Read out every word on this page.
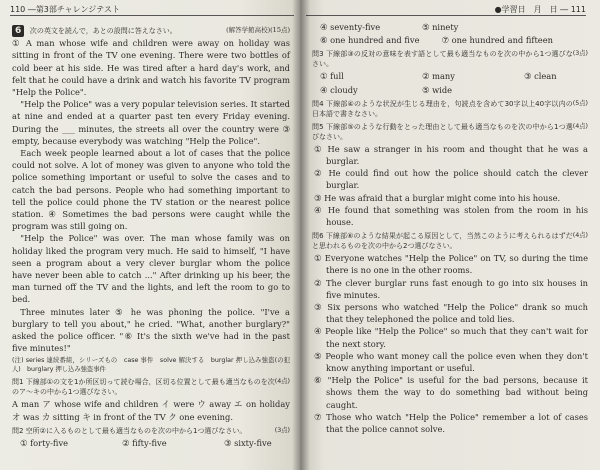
110 ―第3部チャレンジテスト
6 次の英文を読んで，あとの設問に答えなさい。	(解答学館高校)(15点)

① A man whose wife and children were away on holiday was sitting in front of the TV one evening. There were two bottles of cold beer at his side. He was tired after a hard day's work, and felt that he could have a drink and watch his favorite TV program "Help the Police".

"Help the Police" was a very popular television series. It started at nine and ended at a quarter past ten every Friday evening. During the ___ minutes, the streets all over the country were ③ empty, because everybody was watching "Help the Police".

Each week people learned about a lot of cases that the police could not solve. A lot of money was given to anyone who told the police something important or useful to solve the cases and to catch the bad persons. People who had something important to tell the police could phone the TV station or the nearest police station. ④ Sometimes the bad persons were caught while the program was still going on.

"Help the Police" was over. The man whose family was on holiday liked the program very much. He said to himself, "I have seen a program about a very clever burglar whom the police have never been able to catch ..." After drinking up his beer, the man turned off the TV and the lights, and left the room to go to bed.

Three minutes later ⑤ he was phoning the police. "I've a burglary to tell you about," he cried. "What, another burglary?" asked the police officer. "⑥ It's the sixth we've had in the past five minutes!"

(注) series 連続番組，シリーズもの　case 事件　solve 解決する　burglar 押し込み強盗(の犯人)　burglary 押し込み強盗事件
(4点)
問1 下線部①の文を1か所区切って読む場合，区切る位置として最も適当なものを次のア〜キの中から1つ選びなさい。

A man ア whose wife and children イ were ウ away エ on holiday オ was カ sitting キ in front of the TV ク one evening.

(3点)
問2 空所②に入るものとして最も適当なものを次の中から1つ選びなさい。
① forty-five	② fifty-five	③ sixty-five
●学習日　月　日 ― 111
④ seventy-five	⑤ ninety
⑥ one hundred and five	⑦ one hundred and fifteen
(3点)
問3 下線部③の反対の意味を表す語として最も適当なものを次の中から1つ選びなさい。
① full	② many	③ clean
④ cloudy	⑤ wide
(5点)
問4 下線部④のような状況が生じる理由を，句読点を含めて30字以上40字以内の日本語で書きなさい。
(4点)
問5 下線部⑤のような行動をとった理由として最も適当なものを次の中から1つ選びなさい。

① He saw a stranger in his room and thought that he was a burglar.

② He could find out how the police should catch the clever burglar.

③ He was afraid that a burglar might come into his house.

④ He found that something was stolen from the room in his house.

(4点)
問6 下線部⑥のような結果が起こる原因として，当然このように考えられるはずだと思われるものを次の中から2つ選びなさい。

① Everyone watches "Help the Police" on TV, so during the time there is no one in the other rooms.

② The clever burglar runs fast enough to go into six houses in five minutes.

③ Six persons who watched "Help the Police" drank so much that they telephoned the police and told lies.

④ People like "Help the Police" so much that they can't wait for the next story.

⑤ People who want money call the police even when they don't know anything important or useful.

⑥ "Help the Police" is useful for the bad persons, because it shows them the way to do something bad without being caught.

⑦ Those who watch "Help the Police" remember a lot of cases that the police cannot solve.
